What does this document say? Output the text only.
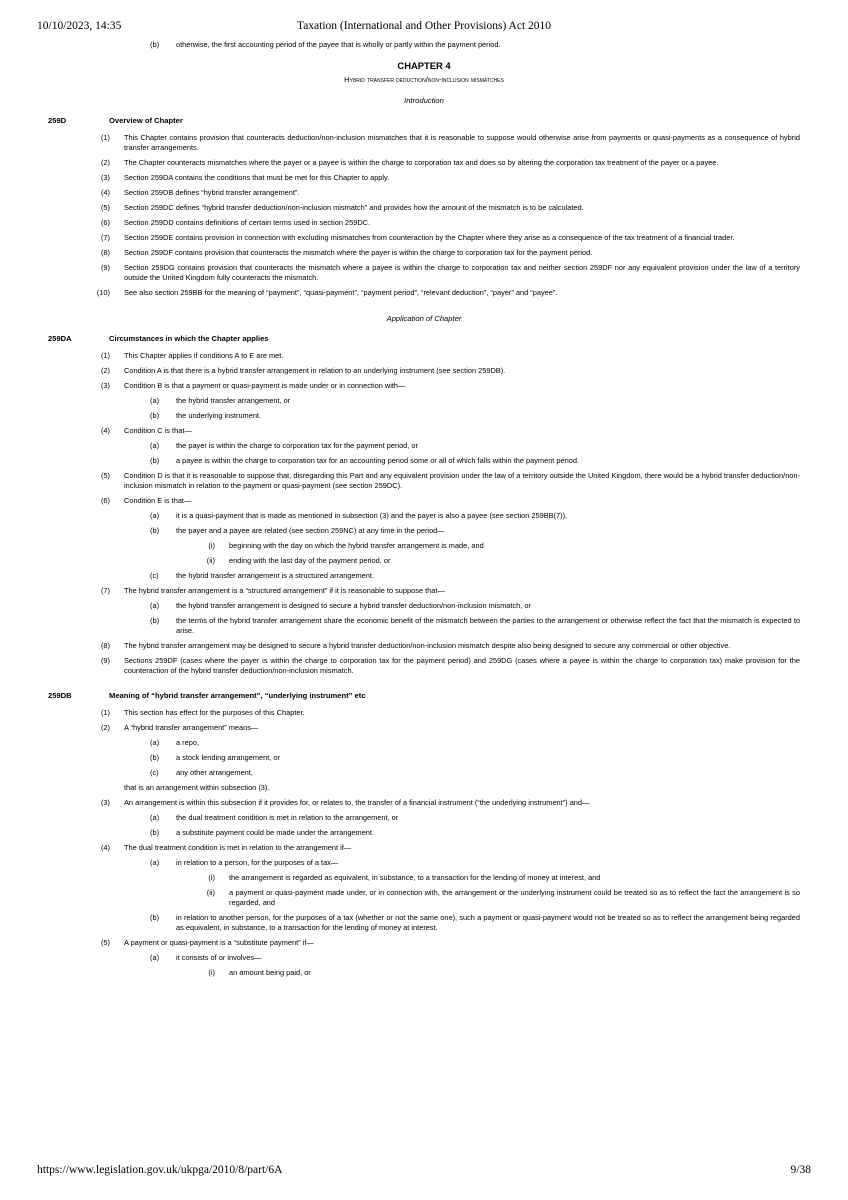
10/10/2023, 14:35	Taxation (International and Other Provisions) Act 2010
(b)	otherwise, the first accounting period of the payee that is wholly or partly within the payment period.
CHAPTER 4
Hybrid transfer deduction/non-inclusion mismatches
Introduction
259D	Overview of Chapter
(1) This Chapter contains provision that counteracts deduction/non-inclusion mismatches that it is reasonable to suppose would otherwise arise from payments or quasi-payments as a consequence of hybrid transfer arrangements.
(2) The Chapter counteracts mismatches where the payer or a payee is within the charge to corporation tax and does so by altering the corporation tax treatment of the payer or a payee.
(3) Section 259DA contains the conditions that must be met for this Chapter to apply.
(4) Section 259DB defines “hybrid transfer arrangement”.
(5) Section 259DC defines “hybrid transfer deduction/non-inclusion mismatch” and provides how the amount of the mismatch is to be calculated.
(6) Section 259DD contains definitions of certain terms used in section 259DC.
(7) Section 259DE contains provision in connection with excluding mismatches from counteraction by the Chapter where they arise as a consequence of the tax treatment of a financial trader.
(8) Section 259DF contains provision that counteracts the mismatch where the payer is within the charge to corporation tax for the payment period.
(9) Section 259DG contains provision that counteracts the mismatch where a payee is within the charge to corporation tax and neither section 259DF nor any equivalent provision under the law of a territory outside the United Kingdom fully counteracts the mismatch.
(10) See also section 259BB for the meaning of “payment”, “quasi-payment”, “payment period”, “relevant deduction”, “payer” and “payee”.
Application of Chapter
259DA	Circumstances in which the Chapter applies
(1) This Chapter applies if conditions A to E are met.
(2) Condition A is that there is a hybrid transfer arrangement in relation to an underlying instrument (see section 259DB).
(3) Condition B is that a payment or quasi-payment is made under or in connection with—
(a)	the hybrid transfer arrangement, or
(b)	the underlying instrument.
(4) Condition C is that—
(a)	the payer is within the charge to corporation tax for the payment period, or
(b)	a payee is within the charge to corporation tax for an accounting period some or all of which falls within the payment period.
(5) Condition D is that it is reasonable to suppose that, disregarding this Part and any equivalent provision under the law of a territory outside the United Kingdom, there would be a hybrid transfer deduction/non-inclusion mismatch in relation to the payment or quasi-payment (see section 259DC).
(6) Condition E is that—
(a)	it is a quasi-payment that is made as mentioned in subsection (3) and the payer is also a payee (see section 259BB(7)),
(b)	the payer and a payee are related (see section 259NC) at any time in the period—
(i) beginning with the day on which the hybrid transfer arrangement is made, and
(ii) ending with the last day of the payment period, or
(c)	the hybrid transfer arrangement is a structured arrangement.
(7) The hybrid transfer arrangement is a “structured arrangement” if it is reasonable to suppose that—
(a)	the hybrid transfer arrangement is designed to secure a hybrid transfer deduction/non-inclusion mismatch, or
(b)	the terms of the hybrid transfer arrangement share the economic benefit of the mismatch between the parties to the arrangement or otherwise reflect the fact that the mismatch is expected to arise.
(8) The hybrid transfer arrangement may be designed to secure a hybrid transfer deduction/non-inclusion mismatch despite also being designed to secure any commercial or other objective.
(9) Sections 259DF (cases where the payer is within the charge to corporation tax for the payment period) and 259DG (cases where a payee is within the charge to corporation tax) make provision for the counteraction of the hybrid transfer deduction/non-inclusion mismatch.
259DB	Meaning of “hybrid transfer arrangement”, “underlying instrument” etc
(1) This section has effect for the purposes of this Chapter.
(2) A “hybrid transfer arrangement” means—
(a)	a repo,
(b)	a stock lending arrangement, or
(c)	any other arrangement,
that is an arrangement within subsection (3).
(3) An arrangement is within this subsection if it provides for, or relates to, the transfer of a financial instrument (“the underlying instrument”) and—
(a)	the dual treatment condition is met in relation to the arrangement, or
(b)	a substitute payment could be made under the arrangement.
(4) The dual treatment condition is met in relation to the arrangement if—
(a)	in relation to a person, for the purposes of a tax—
(i) the arrangement is regarded as equivalent, in substance, to a transaction for the lending of money at interest, and
(ii) a payment or quasi-payment made under, or in connection with, the arrangement or the underlying instrument could be treated so as to reflect the fact the arrangement is so regarded, and
(b)	in relation to another person, for the purposes of a tax (whether or not the same one), such a payment or quasi-payment would not be treated so as to reflect the arrangement being regarded as equivalent, in substance, to a transaction for the lending of money at interest.
(5) A payment or quasi-payment is a “substitute payment” if—
(a)	it consists of or involves—
(i) an amount being paid, or
https://www.legislation.gov.uk/ukpga/2010/8/part/6A	9/38
